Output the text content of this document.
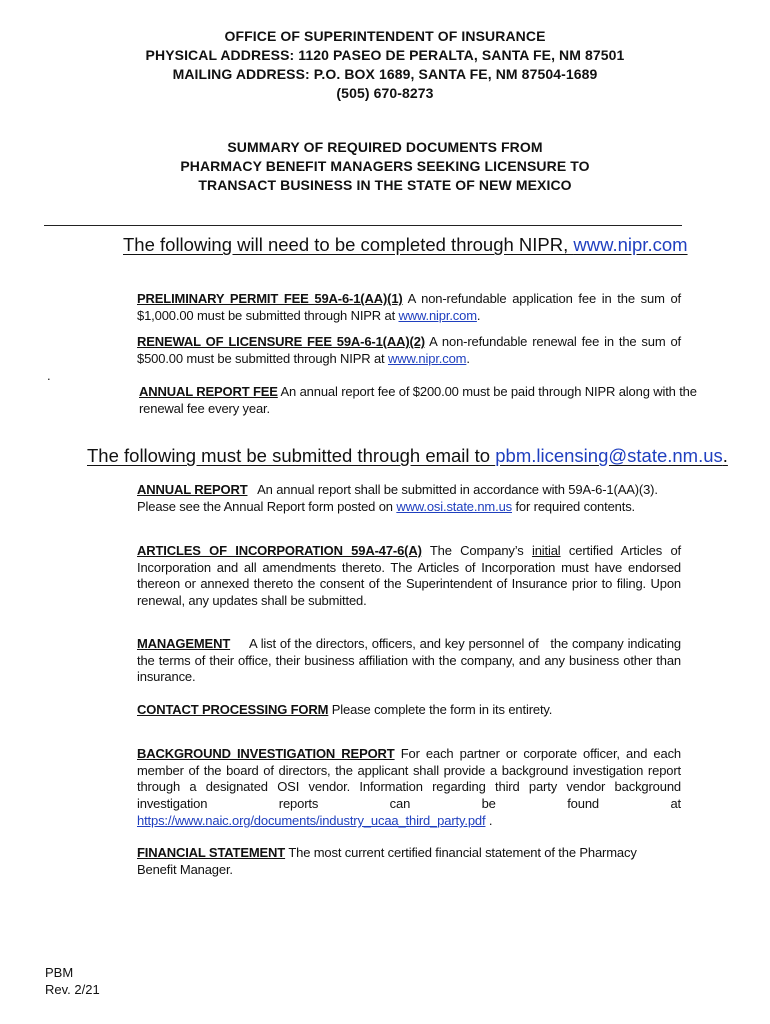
OFFICE OF SUPERINTENDENT OF INSURANCE
PHYSICAL ADDRESS: 1120 PASEO DE PERALTA, SANTA FE, NM 87501
MAILING ADDRESS: P.O. BOX 1689, SANTA FE, NM 87504-1689
(505) 670-8273
SUMMARY OF REQUIRED DOCUMENTS FROM
PHARMACY BENEFIT MANAGERS SEEKING LICENSURE TO
TRANSACT BUSINESS IN THE STATE OF NEW MEXICO
The following will need to be completed through NIPR, www.nipr.com
PRELIMINARY PERMIT FEE 59A-6-1(AA)(1) A non-refundable application fee in the sum of $1,000.00 must be submitted through NIPR at www.nipr.com.
RENEWAL OF LICENSURE FEE 59A-6-1(AA)(2) A non-refundable renewal fee in the sum of $500.00 must be submitted through NIPR at www.nipr.com.
.
ANNUAL REPORT FEE An annual report fee of $200.00 must be paid through NIPR along with the renewal fee every year.
The following must be submitted through email to pbm.licensing@state.nm.us.
ANNUAL REPORT   An annual report shall be submitted in accordance with 59A-6-1(AA)(3). Please see the Annual Report form posted on www.osi.state.nm.us for required contents.
ARTICLES OF INCORPORATION 59A-47-6(A) The Company’s initial certified Articles of Incorporation and all amendments thereto. The Articles of Incorporation must have endorsed thereon or annexed thereto the consent of the Superintendent of Insurance prior to filing. Upon renewal, any updates shall be submitted.
MANAGEMENT     A list of the directors, officers, and key personnel of   the company indicating the terms of their office, their business affiliation with the company, and any business other than insurance.
CONTACT PROCESSING FORM Please complete the form in its entirety.
BACKGROUND INVESTIGATION REPORT For each partner or corporate officer, and each member of the board of directors, the applicant shall provide a background investigation report through a designated OSI vendor. Information regarding third party vendor background investigation reports can be found at
https://www.naic.org/documents/industry_ucaa_third_party.pdf .
FINANCIAL STATEMENT The most current certified financial statement of the Pharmacy Benefit Manager.
PBM
Rev. 2/21
